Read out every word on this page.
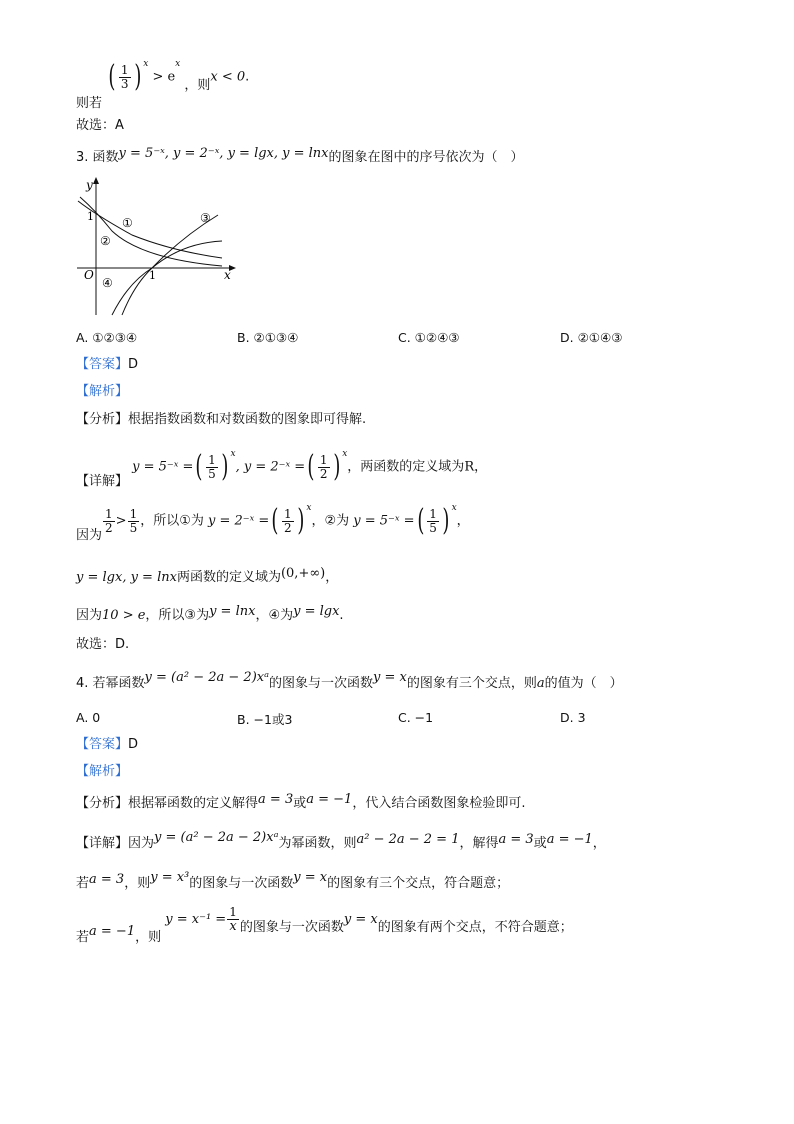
则若 ( $\frac{1}{3}$ ) $^x > e^x$ ，则x < 0.
故选：A
3. 函数y = 5⁻ˣ, y = 2⁻ˣ, y = lgx, y = lnx的图象在图中的序号依次为（　）
y
x
O
1
1
①
②
③
④
A. ①②③④	B. ②①③④	C. ①②④③	D. ②①④③
【答案】D
【解析】
【分析】根据指数函数和对数函数的图象即可得解.
【详解】 y = 5⁻ˣ =( $\frac{1}{5}$ ) $^x$, y = 2⁻ˣ =( $\frac{1}{2}$ ) $^x$，两函数的定义域为R，
因为
$\frac{1}{2} > \frac{1}{5}$ ，所以①为 y = 2⁻ˣ =( $\frac{1}{2}$ ) $^x$，②为 y = 5⁻ˣ =( $\frac{1}{5}$ ) $^x$，
y = lgx, y = lnx两函数的定义域为(0,+∞)，
因为10 > e，所以③为y = lnx，④为y = lgx.
故选：D.
4. 若幂函数y = (a² − 2a − 2)xᵃ的图象与一次函数y = x的图象有三个交点，则a的值为（　）
A. 0	B. −1或3	C. −1	D. 3
【答案】D
【解析】
【分析】根据幂函数的定义解得a = 3或a = −1，代入结合函数图象检验即可.
【详解】因为y = (a² − 2a − 2)xᵃ为幂函数，则a² − 2a − 2 = 1，解得a = 3或a = −1，
若a = 3，则y = x³的图象与一次函数y = x的图象有三个交点，符合题意；
若a = −1，则 $y = x^{-1} = \frac{1}{x}$ 的图象与一次函数y = x的图象有两个交点，不符合题意；
